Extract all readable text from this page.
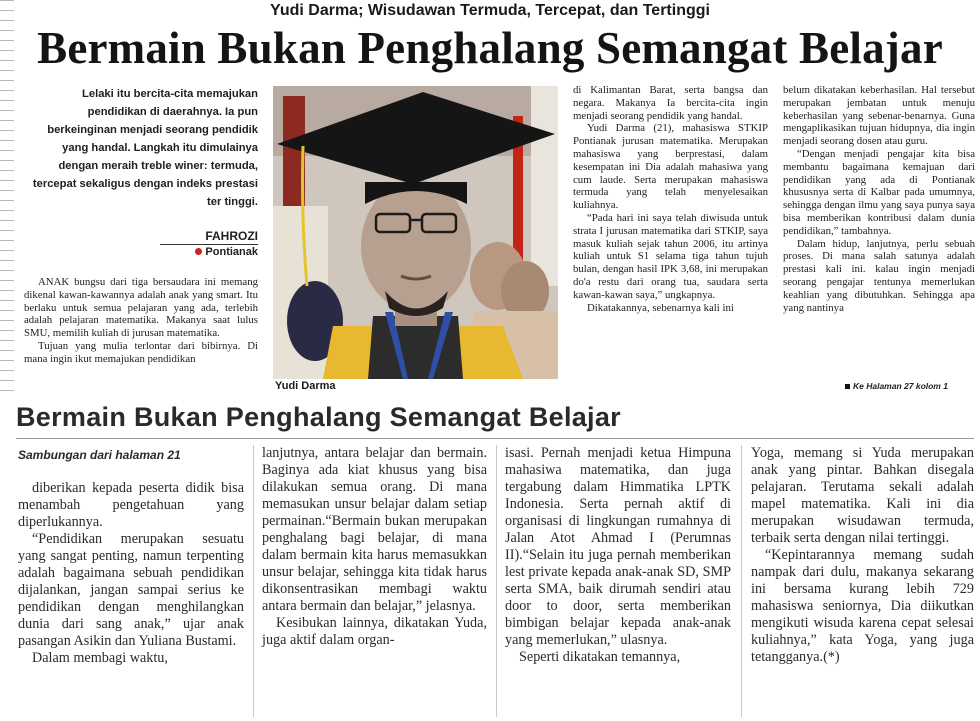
Yudi Darma; Wisudawan Termuda, Tercepat, dan Tertinggi
Bermain Bukan Penghalang Semangat Belajar
Lelaki itu bercita-cita memajukan pendidikan di daerahnya. Ia pun berkeinginan menjadi seorang pendidik yang handal. Langkah itu dimulainya dengan meraih treble winer: termuda, tercepat sekaligus dengan indeks prestasi ter tinggi.
FAHROZI
Pontianak

ANAK bungsu dari tiga bersaudara ini memang dikenal kawan-kawannya adalah anak yang smart. Itu berlaku untuk semua pelajaran yang ada, terlebih adalah pelajaran matematika. Makanya saat lulus SMU, memilih kuliah di jurusan matematika.

Tujuan yang mulia terlontar dari bibirnya. Di mana ingin ikut memajukan pendidikan

Yudi Darma

di Kalimantan Barat, serta bangsa dan negara. Makanya Ia bercita-cita ingin menjadi seorang pendidik yang handal.

Yudi Darma (21), mahasiswa STKIP Pontianak jurusan matematika. Merupakan mahasiswa yang berprestasi, dalam kesempatan ini Dia adalah mahasiwa yang cum laude. Serta merupakan mahasiswa termuda yang telah menyelesaikan kuliahnya.

“Pada hari ini saya telah diwisuda untuk strata I jurusan matematika dari STKIP, saya masuk kuliah sejak tahun 2006, itu artinya kuliah untuk S1 selama tiga tahun tujuh bulan, dengan hasil IPK 3,68, ini merupakan do'a restu dari orang tua, saudara serta kawan-kawan saya,” ungkapnya.

Dikatakannya, sebenarnya kali ini

belum dikatakan keberhasilan. Hal tersebut merupakan jembatan untuk menuju keberhasilan yang sebenar-benarnya. Guna mengaplikasikan tujuan hidupnya, dia ingin menjadi seorang dosen atau guru.

“Dengan menjadi pengajar kita bisa membantu bagaimana kemajuan dari pendidikan yang ada di Pontianak khususnya serta di Kalbar pada umumnya, sehingga dengan ilmu yang saya punya saya bisa memberikan kontribusi dalam dunia pendidikan,” tambahnya.

Dalam hidup, lanjutnya, perlu sebuah proses. Di mana salah satunya adalah prestasi kali ini. kalau ingin menjadi seorang pengajar tentunya memerlukan keahlian yang dibutuhkan. Sehingga apa yang nantinya

Ke Halaman 27 kolom 1
Bermain Bukan Penghalang Semangat Belajar
Sambungan dari halaman 21

diberikan kepada peserta didik bisa menambah pengetahuan yang diperlukannya.

“Pendidikan merupakan sesuatu yang sangat penting, namun terpenting adalah bagaimana sebuah pendidikan dijalankan, jangan sampai serius ke pendidikan dengan menghilangkan dunia dari sang anak,” ujar anak pasangan Asikin dan Yuliana Bustami.

Dalam membagi waktu,

lanjutnya, antara belajar dan bermain. Baginya ada kiat khusus yang bisa dilakukan semua orang. Di mana memasukan unsur belajar dalam setiap permainan.“Bermain bukan merupakan penghalang bagi belajar, di mana dalam bermain kita harus memasukkan unsur belajar, sehingga kita tidak harus dikonsentrasikan membagi waktu antara bermain dan belajar,” jelasnya.

Kesibukan lainnya, dikatakan Yuda, juga aktif dalam organ-

isasi. Pernah menjadi ketua Himpuna mahasiwa matematika, dan juga tergabung dalam Himmatika LPTK Indonesia. Serta pernah aktif di organisasi di lingkungan rumahnya di Jalan Atot Ahmad I (Perumnas II).“Selain itu juga pernah memberikan lest private kepada anak-anak SD, SMP serta SMA, baik dirumah sendiri atau door to door, serta memberikan bimbigan belajar kepada anak-anak yang memerlukan,” ulasnya.

Seperti dikatakan temannya,

Yoga, memang si Yuda merupakan anak yang pintar. Bahkan disegala pelajaran. Terutama sekali adalah mapel matematika. Kali ini dia merupakan wisudawan termuda, terbaik serta dengan nilai tertinggi.

“Kepintarannya memang sudah nampak dari dulu, makanya sekarang ini bersama kurang lebih 729 mahasiswa seniornya, Dia diikutkan mengikuti wisuda karena cepat selesai kuliahnya,” kata Yoga, yang juga tetangganya.(*)
